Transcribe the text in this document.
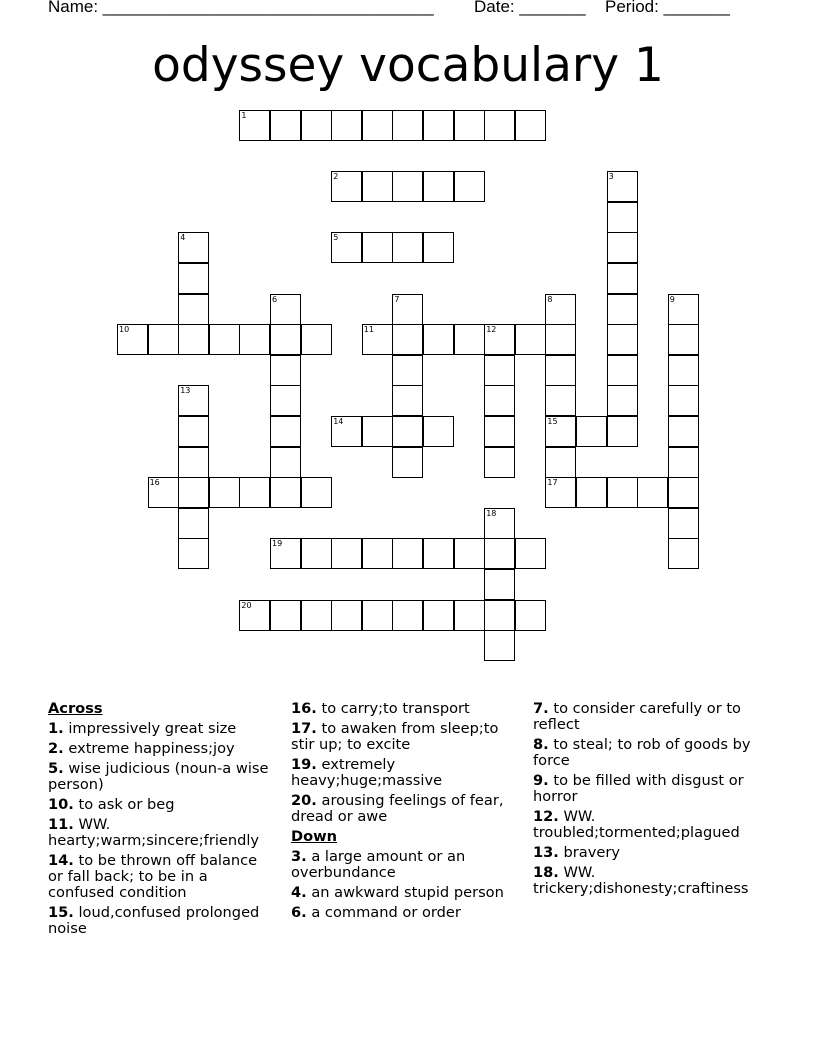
Name: ___________________________________

Date: _______

Period: _______

odyssey vocabulary 1
1
2	3
4	5
6	7	8	9
10	11	12
13
14	15
16	17
18
19
20
Across
1. impressively great size
2. extreme happiness;joy
5. wise judicious (noun-a wise person)
10. to ask or beg
11. WW. hearty;warm;sincere;friendly
14. to be thrown off balance or fall back; to be in a confused condition
15. loud,confused prolonged noise
16. to carry;to transport
17. to awaken from sleep;to stir up; to excite
19. extremely heavy;huge;massive
20. arousing feelings of fear, dread or awe
Down
3. a large amount or an overbundance
4. an awkward stupid person
6. a command or order
7. to consider carefully or to reflect
8. to steal; to rob of goods by force
9. to be filled with disgust or horror
12. WW. troubled;tormented;plagued
13. bravery
18. WW. trickery;dishonesty;craftiness
